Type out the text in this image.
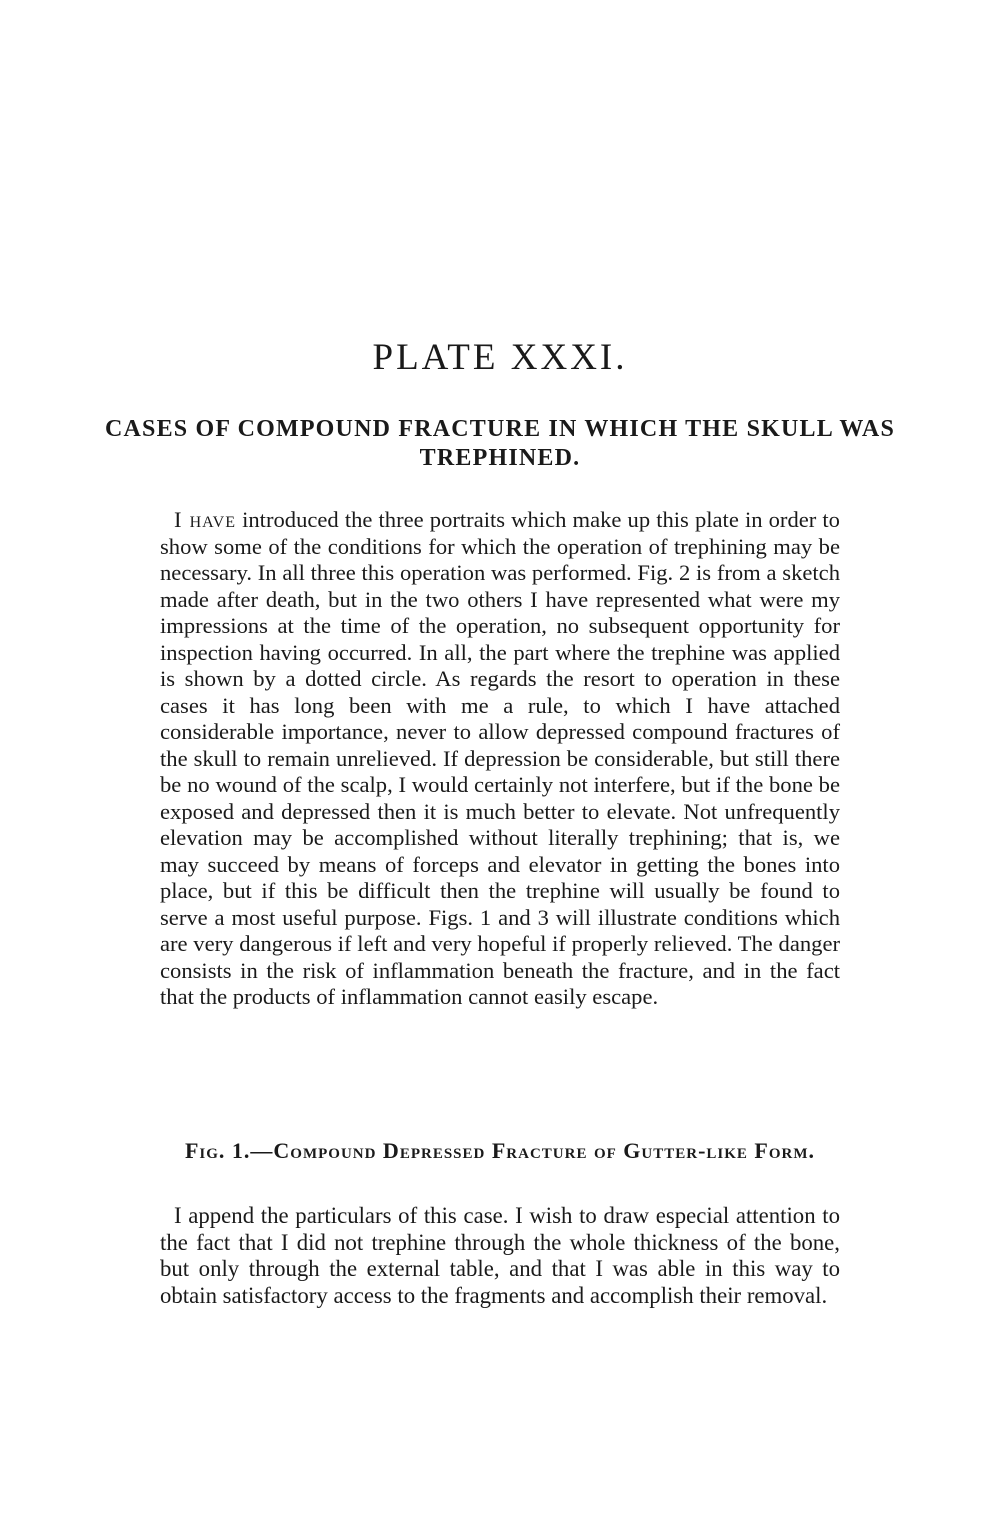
PLATE XXXI.
CASES OF COMPOUND FRACTURE IN WHICH THE SKULL WAS TREPHINED.

I have introduced the three portraits which make up this plate in order to show some of the conditions for which the operation of trephining may be necessary. In all three this operation was performed. Fig. 2 is from a sketch made after death, but in the two others I have represented what were my impressions at the time of the operation, no subsequent opportunity for inspection having occurred. In all, the part where the trephine was applied is shown by a dotted circle. As regards the resort to operation in these cases it has long been with me a rule, to which I have attached considerable importance, never to allow depressed compound fractures of the skull to remain unrelieved. If depression be considerable, but still there be no wound of the scalp, I would certainly not interfere, but if the bone be exposed and depressed then it is much better to elevate. Not unfrequently elevation may be accomplished without literally trephining; that is, we may succeed by means of forceps and elevator in getting the bones into place, but if this be difficult then the trephine will usually be found to serve a most useful purpose. Figs. 1 and 3 will illustrate conditions which are very dangerous if left and very hopeful if properly relieved. The danger consists in the risk of inflammation beneath the fracture, and in the fact that the products of inflammation cannot easily escape.

Fig. 1.—Compound Depressed Fracture of Gutter-like Form.

I append the particulars of this case. I wish to draw especial attention to the fact that I did not trephine through the whole thickness of the bone, but only through the external table, and that I was able in this way to obtain satisfactory access to the fragments and accomplish their removal.
